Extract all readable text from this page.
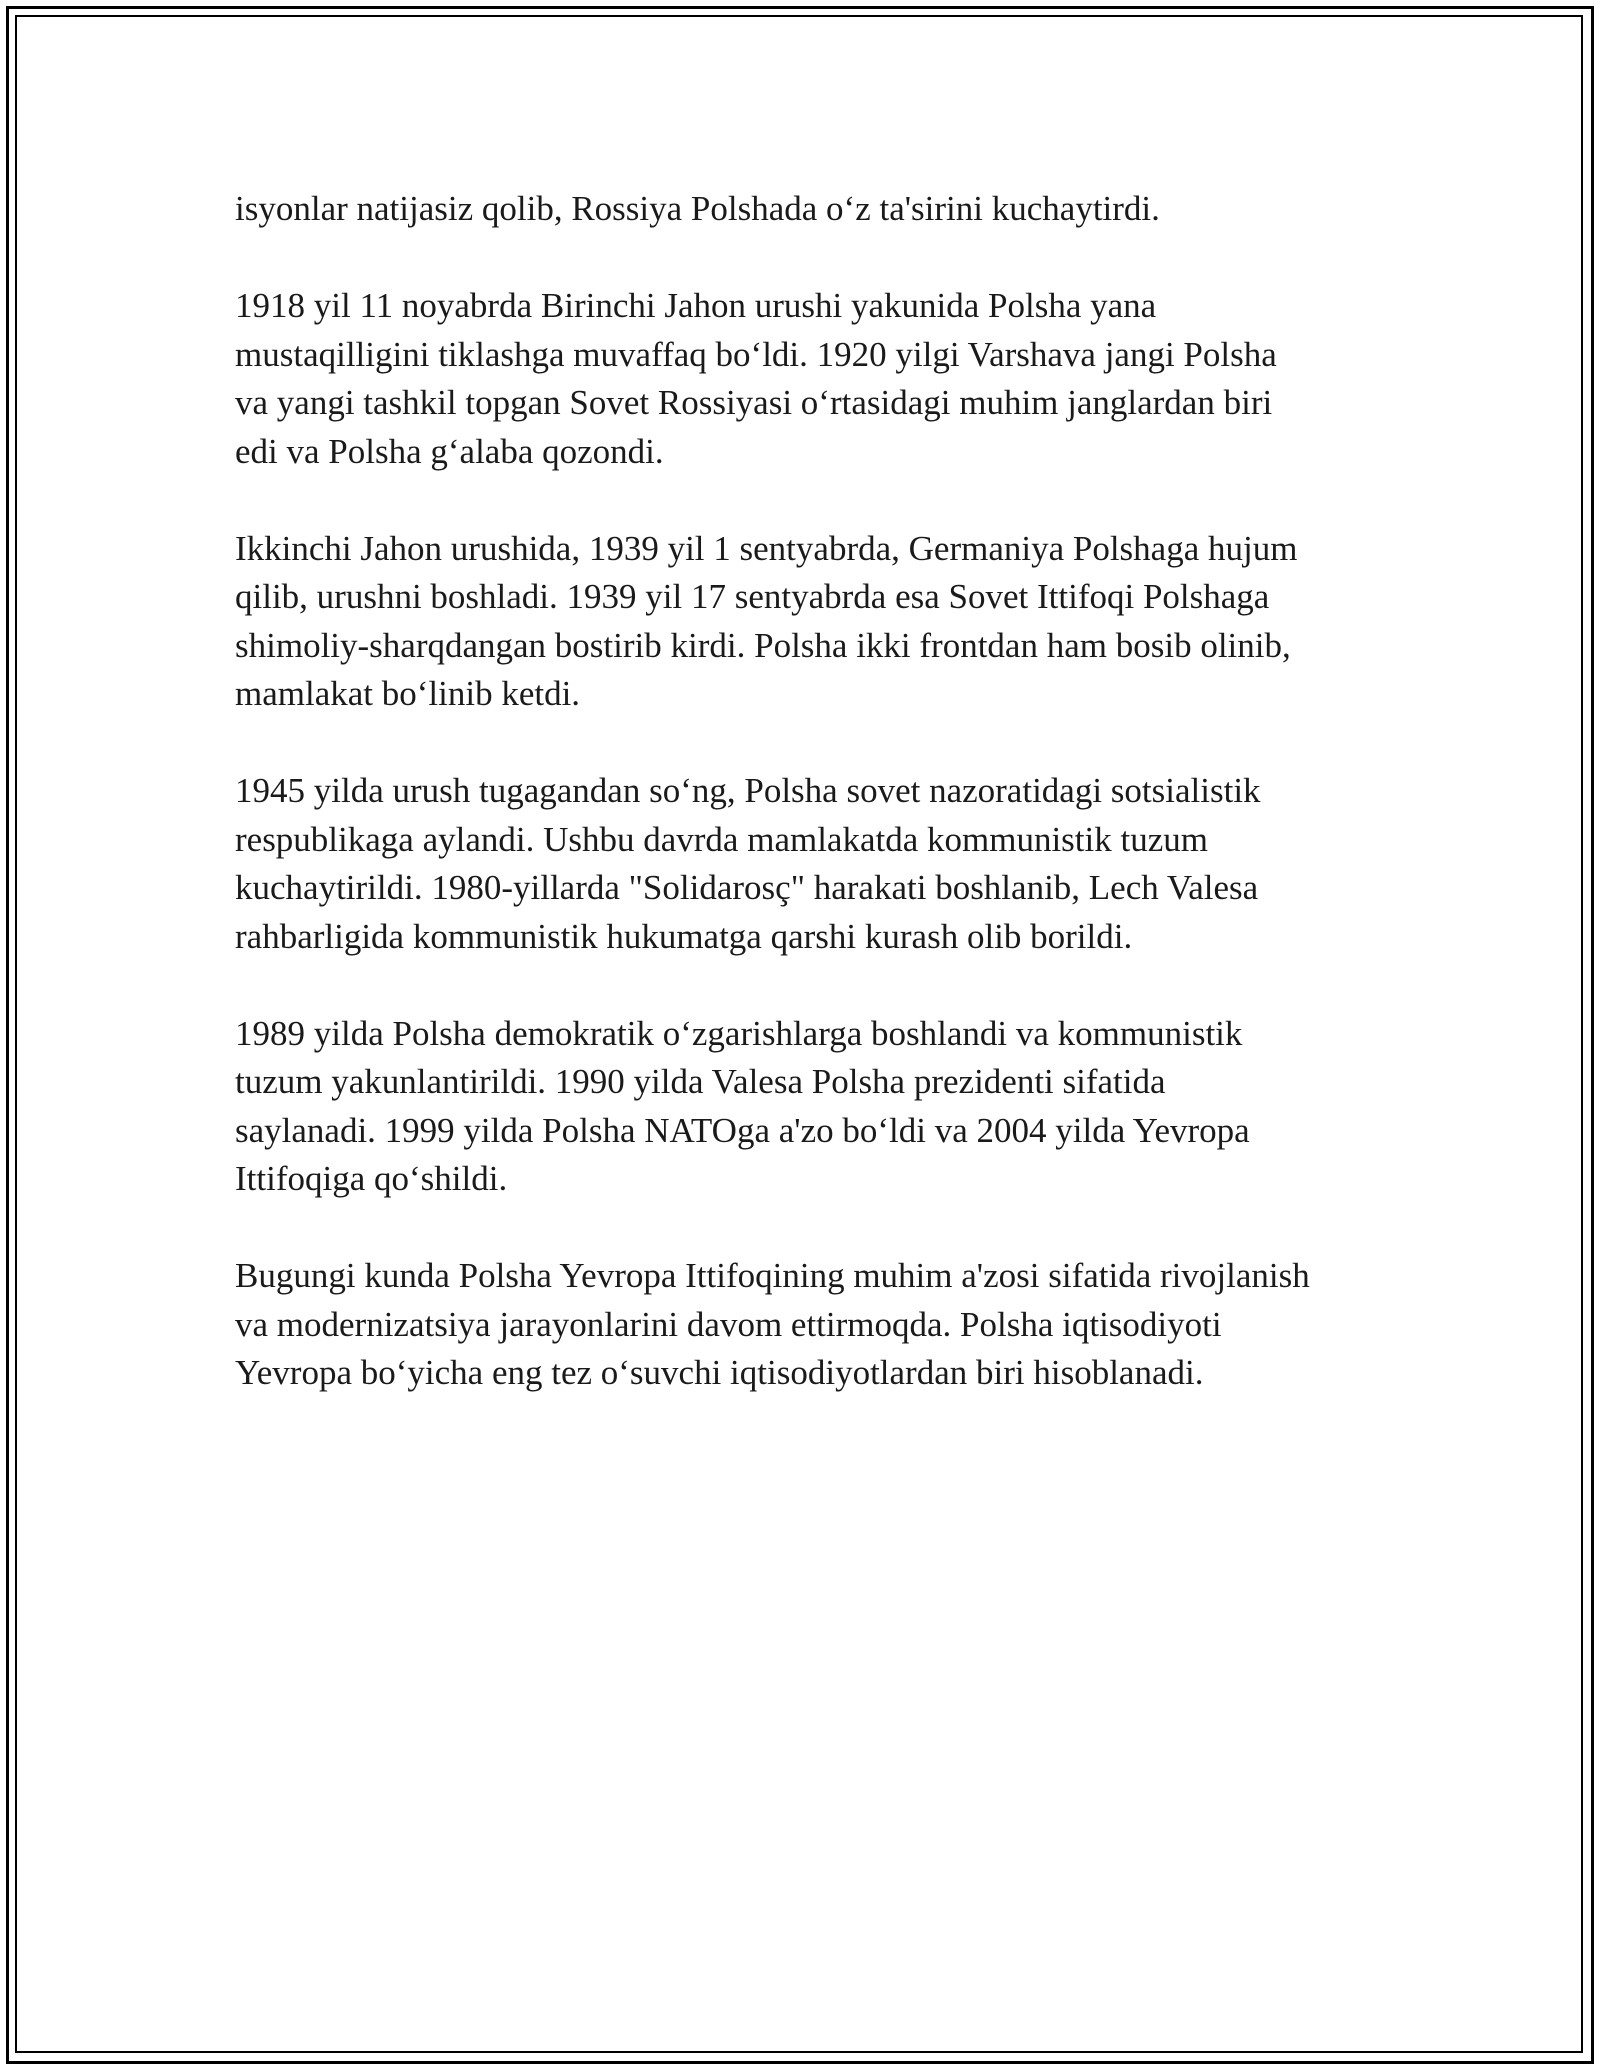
isyonlar natijasiz qolib, Rossiya Polshada o‘z ta'sirini kuchaytirdi.

1918 yil 11 noyabrda Birinchi Jahon urushi yakunida Polsha yana
mustaqilligini tiklashga muvaffaq bo‘ldi. 1920 yilgi Varshava jangi Polsha
va yangi tashkil topgan Sovet Rossiyasi o‘rtasidagi muhim janglardan biri
edi va Polsha g‘alaba qozondi.

Ikkinchi Jahon urushida, 1939 yil 1 sentyabrda, Germaniya Polshaga hujum
qilib, urushni boshladi. 1939 yil 17 sentyabrda esa Sovet Ittifoqi Polshaga
shimoliy-sharqdangan bostirib kirdi. Polsha ikki frontdan ham bosib olinib,
mamlakat bo‘linib ketdi.

1945 yilda urush tugagandan so‘ng, Polsha sovet nazoratidagi sotsialistik
respublikaga aylandi. Ushbu davrda mamlakatda kommunistik tuzum
kuchaytirildi. 1980-yillarda "Solidarosç" harakati boshlanib, Lech Valesa
rahbarligida kommunistik hukumatga qarshi kurash olib borildi.

1989 yilda Polsha demokratik o‘zgarishlarga boshlandi va kommunistik
tuzum yakunlantirildi. 1990 yilda Valesa Polsha prezidenti sifatida
saylanadi. 1999 yilda Polsha NATOga a'zo bo‘ldi va 2004 yilda Yevropa
Ittifoqiga qo‘shildi.

Bugungi kunda Polsha Yevropa Ittifoqining muhim a'zosi sifatida rivojlanish
va modernizatsiya jarayonlarini davom ettirmoqda. Polsha iqtisodiyoti
Yevropa bo‘yicha eng tez o‘suvchi iqtisodiyotlardan biri hisoblanadi.
